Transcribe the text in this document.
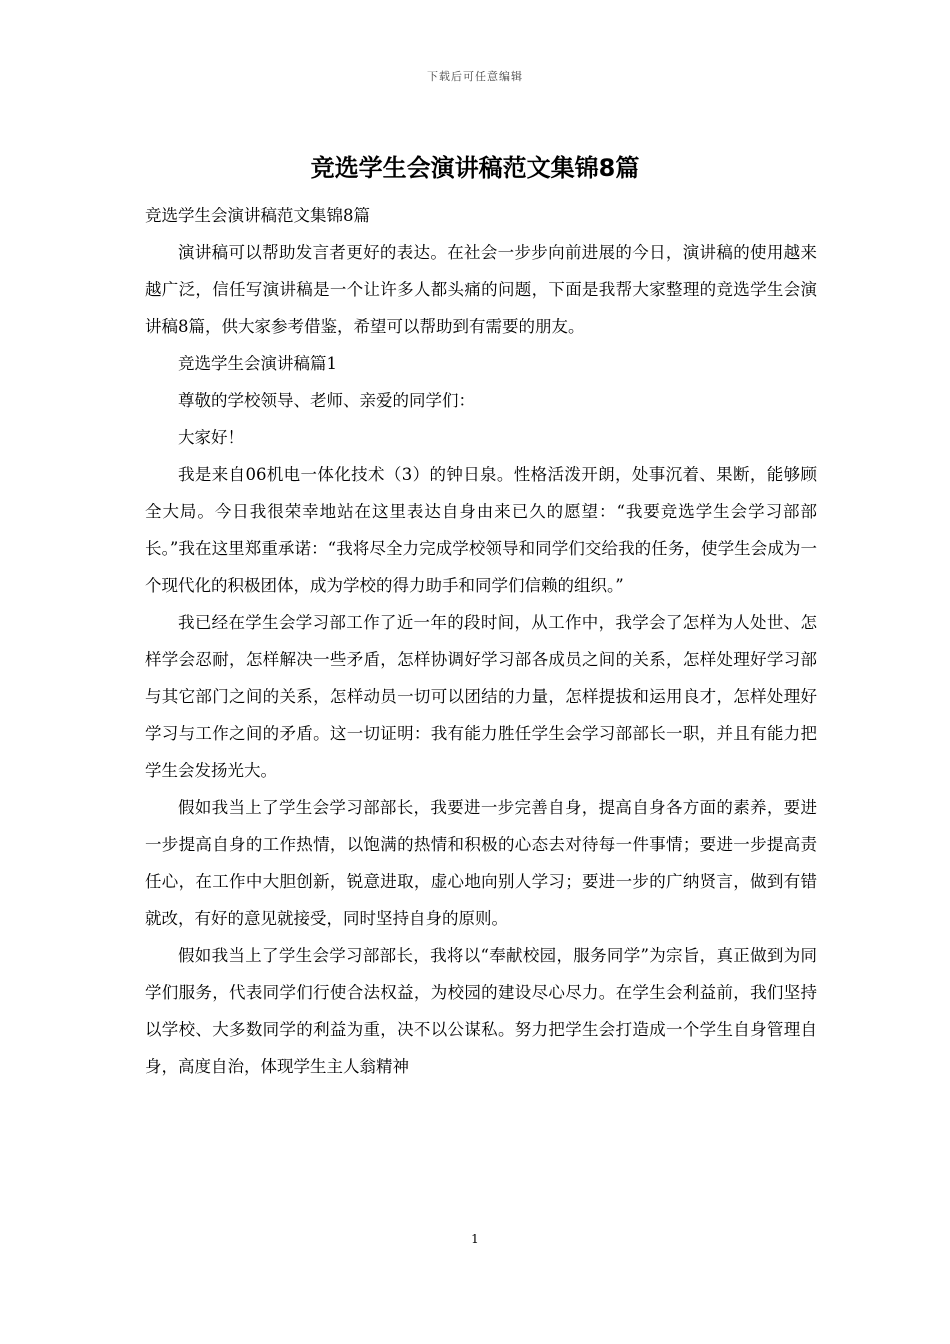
下载后可任意编辑
竞选学生会演讲稿范文集锦8篇

竞选学生会演讲稿范文集锦8篇

演讲稿可以帮助发言者更好的表达。在社会一步步向前进展的今日，演讲稿的使用越来越广泛，信任写演讲稿是一个让许多人都头痛的问题，下面是我帮大家整理的竞选学生会演讲稿8篇，供大家参考借鉴，希望可以帮助到有需要的朋友。

竞选学生会演讲稿篇1

尊敬的学校领导、老师、亲爱的同学们：

大家好！

我是来自06机电一体化技术（3）的钟日泉。性格活泼开朗，处事沉着、果断，能够顾全大局。今日我很荣幸地站在这里表达自身由来已久的愿望：“我要竞选学生会学习部部长。”我在这里郑重承诺：“我将尽全力完成学校领导和同学们交给我的任务，使学生会成为一个现代化的积极团体，成为学校的得力助手和同学们信赖的组织。”

我已经在学生会学习部工作了近一年的段时间，从工作中，我学会了怎样为人处世、怎样学会忍耐，怎样解决一些矛盾，怎样协调好学习部各成员之间的关系，怎样处理好学习部与其它部门之间的关系，怎样动员一切可以团结的力量，怎样提拔和运用良才，怎样处理好学习与工作之间的矛盾。这一切证明：我有能力胜任学生会学习部部长一职，并且有能力把学生会发扬光大。

假如我当上了学生会学习部部长，我要进一步完善自身，提高自身各方面的素养，要进一步提高自身的工作热情，以饱满的热情和积极的心态去对待每一件事情；要进一步提高责任心，在工作中大胆创新，锐意进取，虚心地向别人学习；要进一步的广纳贤言，做到有错就改，有好的意见就接受，同时坚持自身的原则。

假如我当上了学生会学习部部长，我将以“奉献校园，服务同学”为宗旨，真正做到为同学们服务，代表同学们行使合法权益，为校园的建设尽心尽力。在学生会利益前，我们坚持以学校、大多数同学的利益为重，决不以公谋私。努力把学生会打造成一个学生自身管理自身，高度自治，体现学生主人翁精神

1
